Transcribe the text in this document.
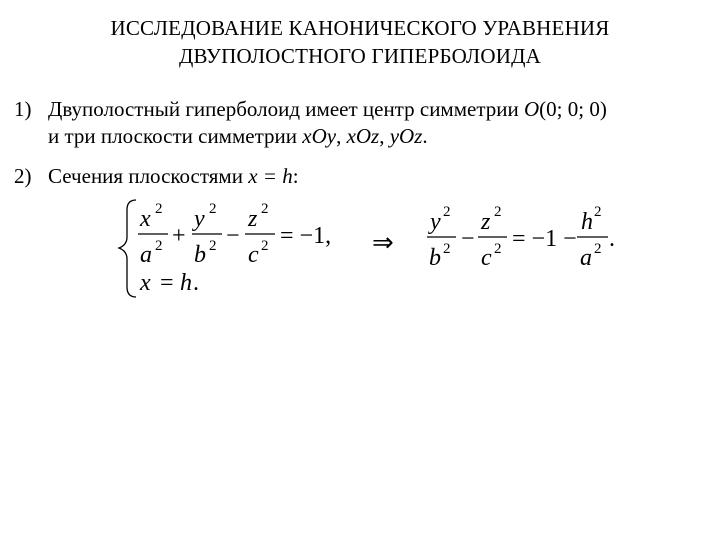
ИССЛЕДОВАНИЕ КАНОНИЧЕСКОГО УРАВНЕНИЯ
ДВУПОЛОСТНОГО ГИПЕРБОЛОИДА
1) Двуполостный гиперболоид имеет центр симметрии O(0; 0; 0)
и три плоскости симметрии xOy, xOz, yOz.
2) Сечения плоскостями x = h:
x 2
a 2 +
y 2
b 2 −
z 2
c 2 = −1,
x = h .
⇒
y 2
b 2 −
z 2
c 2 = −1 −
h 2
a 2 .
